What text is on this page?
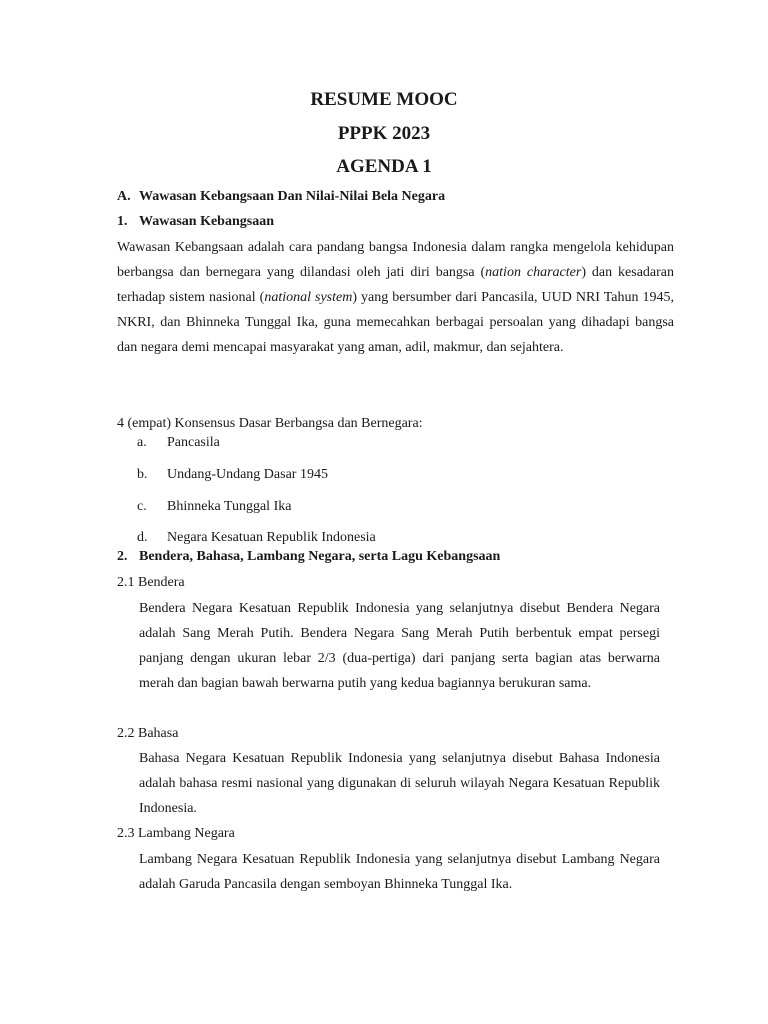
RESUME MOOC
PPPK 2023
AGENDA 1

A. Wawasan Kebangsaan Dan Nilai-Nilai Bela Negara

1. Wawasan Kebangsaan

Wawasan Kebangsaan adalah cara pandang bangsa Indonesia dalam rangka mengelola kehidupan berbangsa dan bernegara yang dilandasi oleh jati diri bangsa (nation character) dan kesadaran terhadap sistem nasional (national system) yang bersumber dari Pancasila, UUD NRI Tahun 1945, NKRI, dan Bhinneka Tunggal Ika, guna memecahkan berbagai persoalan yang dihadapi bangsa dan negara demi mencapai masyarakat yang aman, adil, makmur, dan sejahtera.

4 (empat) Konsensus Dasar Berbangsa dan Bernegara:

a.	Pancasila
b.	Undang-Undang Dasar 1945
c.	Bhinneka Tunggal Ika
d.	Negara Kesatuan Republik Indonesia

2. Bendera, Bahasa, Lambang Negara, serta Lagu Kebangsaan

2.1 Bendera

Bendera Negara Kesatuan Republik Indonesia yang selanjutnya disebut Bendera Negara adalah Sang Merah Putih. Bendera Negara Sang Merah Putih berbentuk empat persegi panjang dengan ukuran lebar 2/3 (dua-pertiga) dari panjang serta bagian atas berwarna merah dan bagian bawah berwarna putih yang kedua bagiannya berukuran sama.

2.2 Bahasa

Bahasa Negara Kesatuan Republik Indonesia yang selanjutnya disebut Bahasa Indonesia adalah bahasa resmi nasional yang digunakan di seluruh wilayah Negara Kesatuan Republik Indonesia.

2.3 Lambang Negara

Lambang Negara Kesatuan Republik Indonesia yang selanjutnya disebut Lambang Negara adalah Garuda Pancasila dengan semboyan Bhinneka Tunggal Ika.
